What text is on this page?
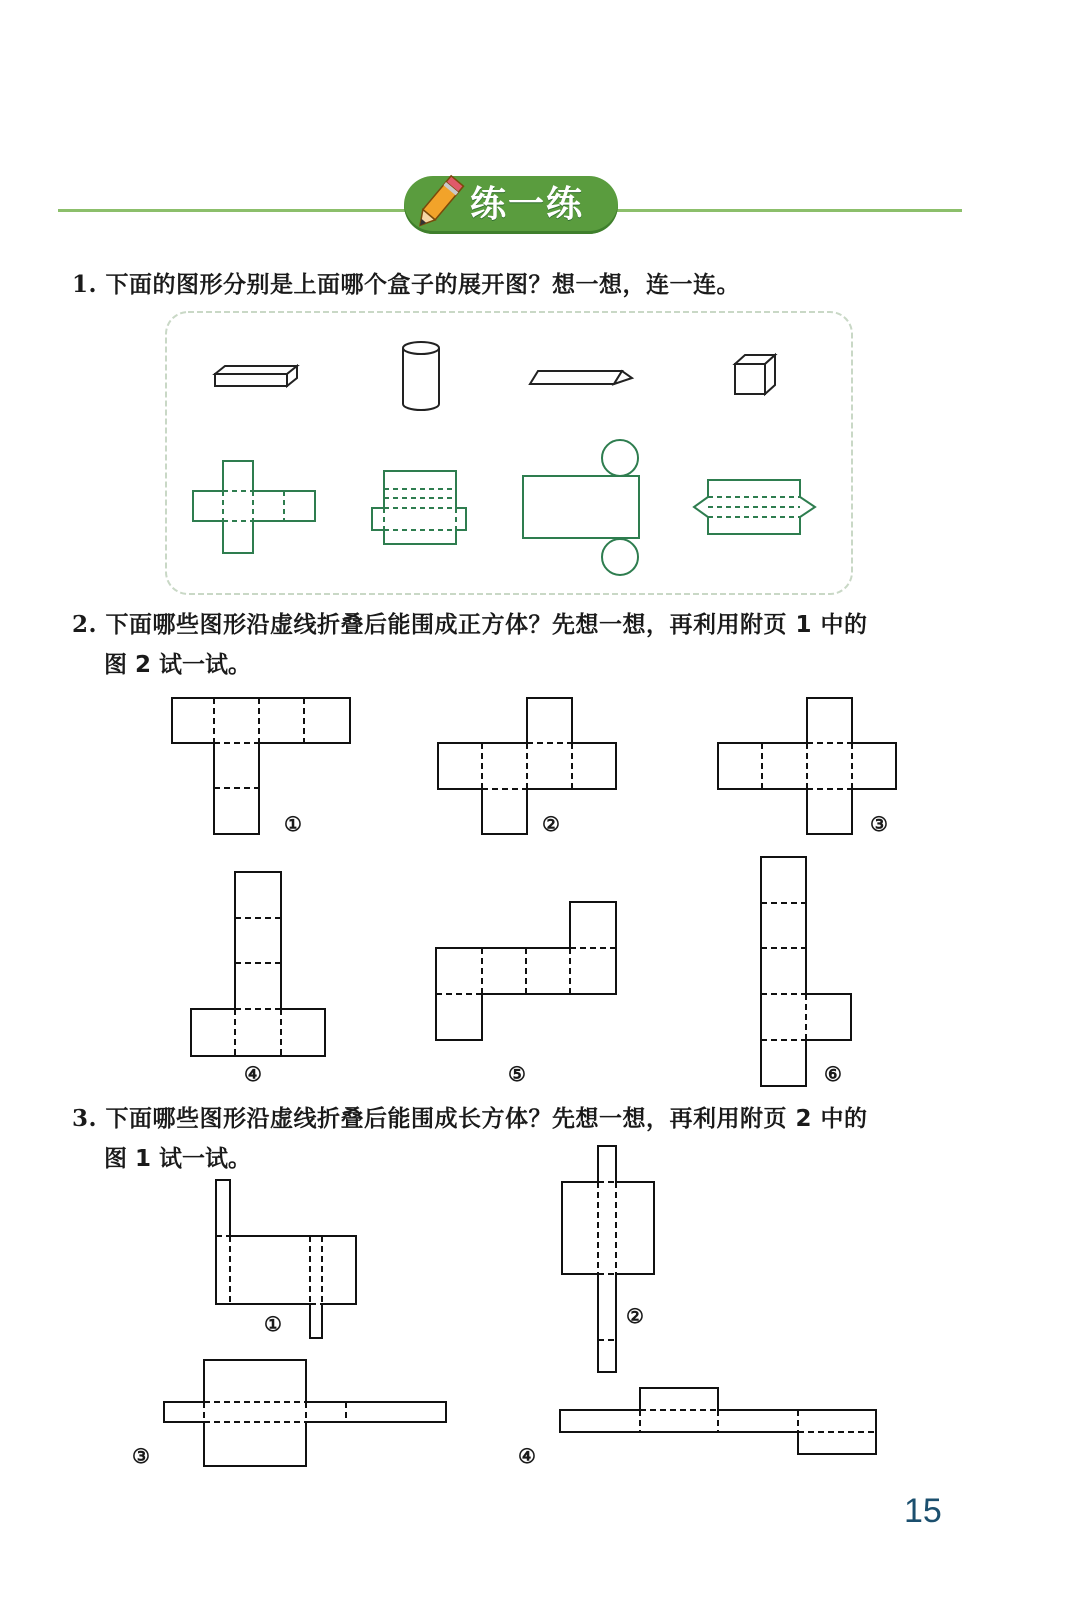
练一练
1. 下面的图形分别是上面哪个盒子的展开图？想一想，连一连。
2. 下面哪些图形沿虚线折叠后能围成正方体？先想一想，再利用附页 1 中的
图 2 试一试。
①	②	③
④	⑤	⑥
3. 下面哪些图形沿虚线折叠后能围成长方体？先想一想，再利用附页 2 中的
图 1 试一试。
①	②
③	④
15
